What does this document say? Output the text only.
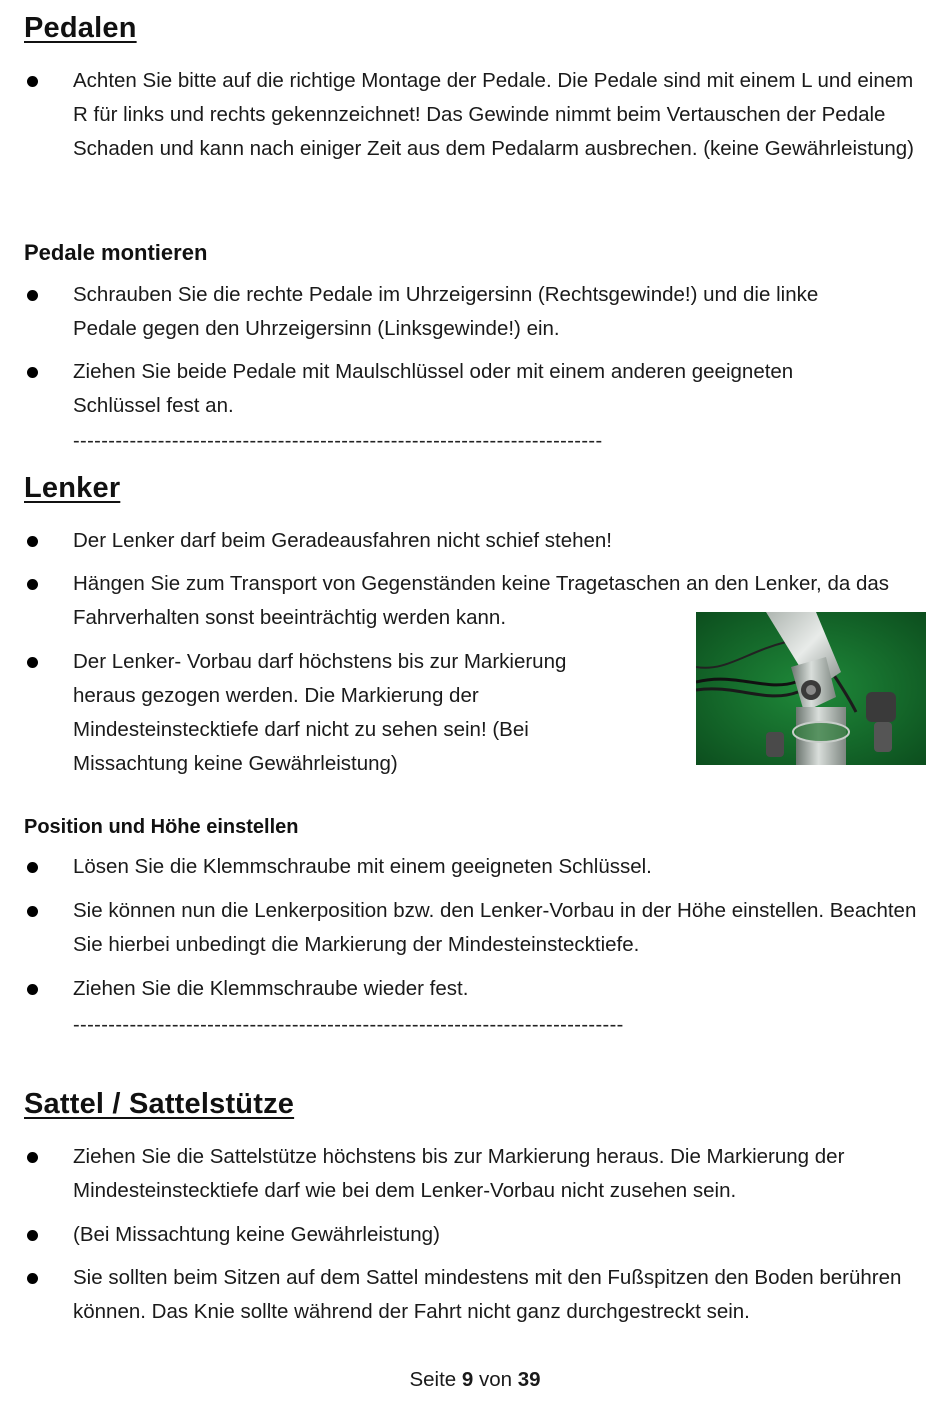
Pedalen
Achten Sie bitte auf die richtige Montage der Pedale. Die Pedale sind mit einem L und einem R für links und rechts gekennzeichnet! Das Gewinde nimmt beim Vertauschen der Pedale Schaden und kann nach einiger Zeit aus dem Pedalarm ausbrechen. (keine Gewährleistung)
Pedale montieren
Schrauben Sie die rechte Pedale im Uhrzeigersinn (Rechtsgewinde!) und die linke Pedale gegen den Uhrzeigersinn (Linksgewinde!) ein.
Ziehen Sie beide Pedale mit Maulschlüssel oder mit einem anderen geeigneten Schlüssel fest an.
---------------------------------------------------------------------------
Lenker
Der Lenker darf beim Geradeausfahren nicht schief stehen!
Hängen Sie zum Transport von Gegenständen keine Tragetaschen an den Lenker, da das Fahrverhalten sonst beeinträchtig werden kann.
Der Lenker- Vorbau darf höchstens bis zur Markierung heraus gezogen werden. Die Markierung der Mindesteinstecktiefe darf nicht zu sehen sein! (Bei Missachtung keine Gewährleistung)
Position und Höhe einstellen
Lösen Sie die Klemmschraube mit einem geeigneten Schlüssel.
Sie können nun die Lenkerposition bzw. den Lenker-Vorbau in der Höhe einstellen. Beachten Sie hierbei unbedingt die Markierung der Mindesteinstecktiefe.
Ziehen Sie die Klemmschraube wieder fest.
------------------------------------------------------------------------------
Sattel / Sattelstütze
Ziehen Sie die Sattelstütze höchstens bis zur Markierung heraus. Die Markierung der Mindesteinstecktiefe darf wie bei dem Lenker-Vorbau nicht zusehen sein.
(Bei Missachtung keine Gewährleistung)
Sie sollten beim Sitzen auf dem Sattel mindestens mit den Fußspitzen den Boden berühren können. Das Knie sollte während der Fahrt nicht ganz durchgestreckt sein.
Seite 9 von 39
